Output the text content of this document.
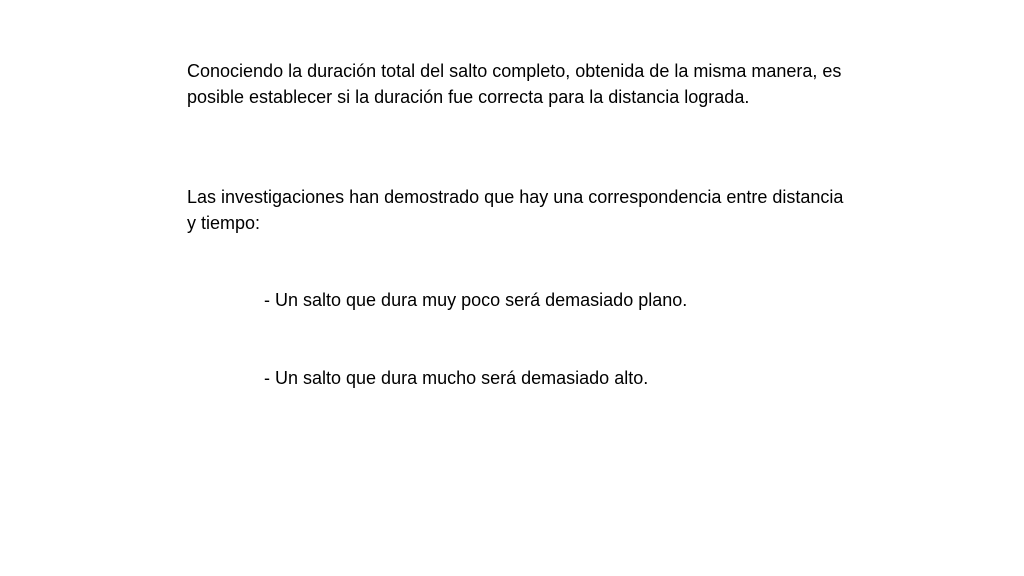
Conociendo la duración total del salto completo, obtenida de la misma manera, es posible establecer si la duración fue correcta para la distancia lograda.

Las investigaciones han demostrado que hay una correspondencia entre distancia y tiempo:

- Un salto que dura muy poco será demasiado plano.

- Un salto que dura mucho será demasiado alto.
